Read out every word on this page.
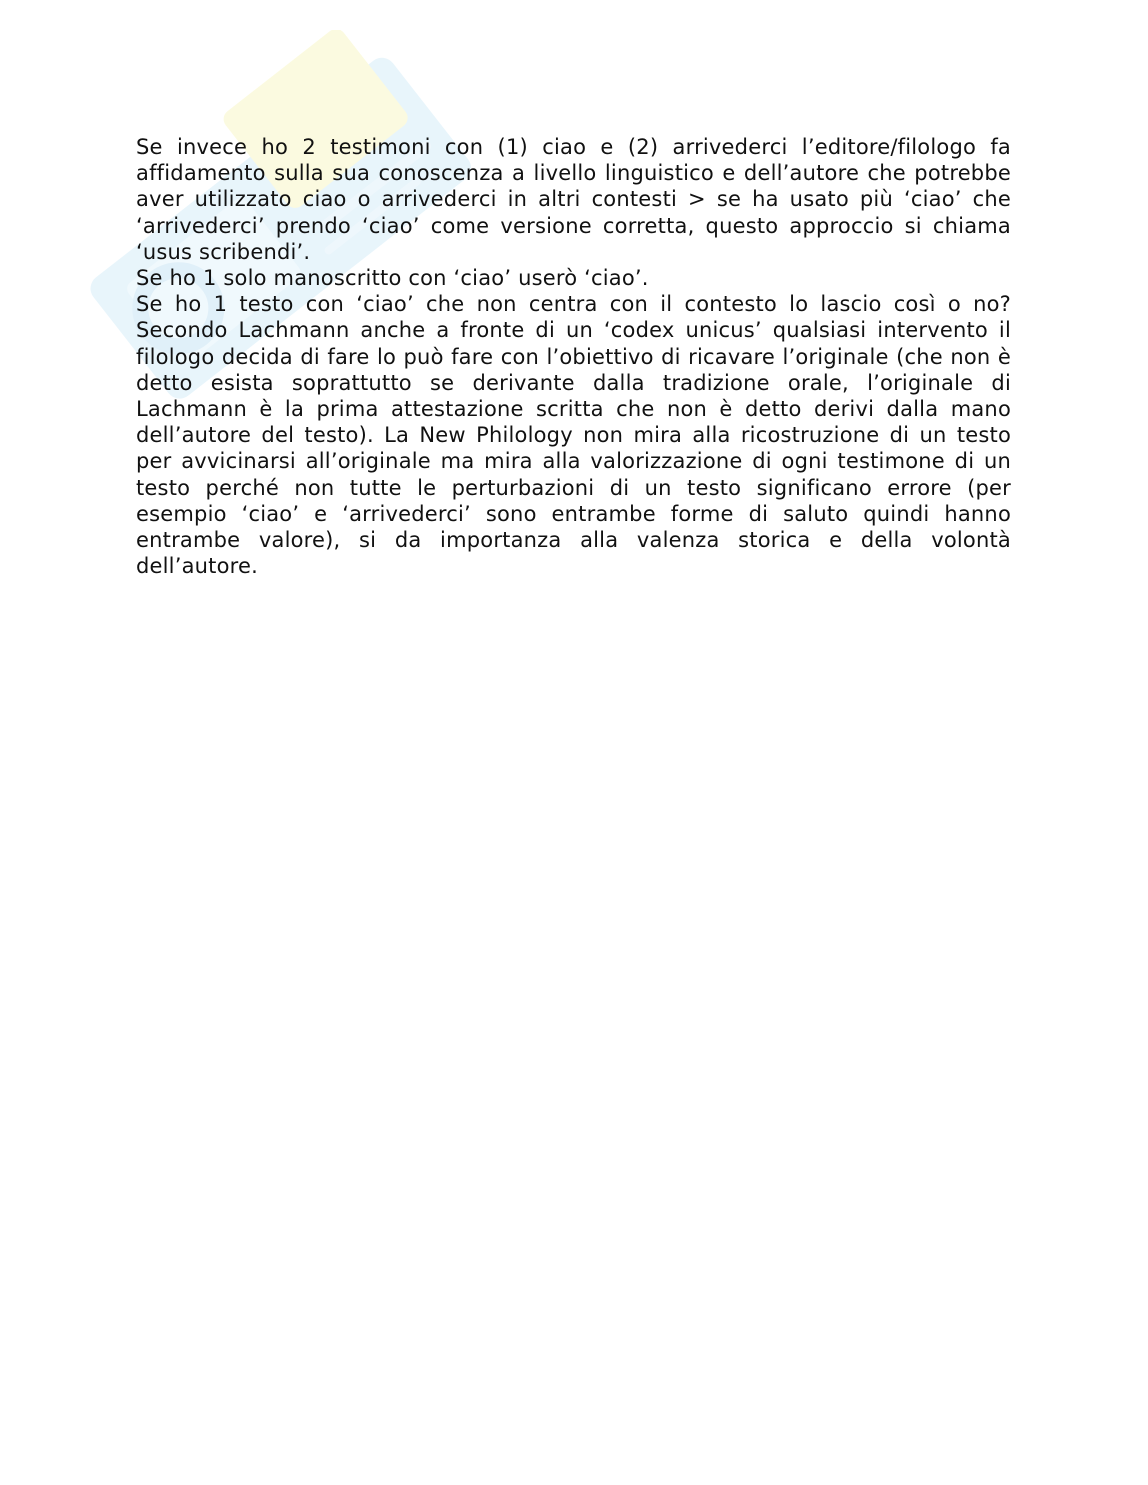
Se invece ho 2 testimoni con (1) ciao e (2) arrivederci l’editore/filologo fa affidamento sulla sua conoscenza a livello linguistico e dell’autore che potrebbe aver utilizzato ciao o arrivederci in altri contesti > se ha usato più ‘ciao’ che ‘arrivederci’ prendo ‘ciao’ come versione corretta, questo approccio si chiama ‘usus scribendi’.

Se ho 1 solo manoscritto con ‘ciao’ userò ‘ciao’.

Se ho 1 testo con ‘ciao’ che non centra con il contesto lo lascio così o no? Secondo Lachmann anche a fronte di un ‘codex unicus’ qualsiasi intervento il filologo decida di fare lo può fare con l’obiettivo di ricavare l’originale (che non è detto esista soprattutto se derivante dalla tradizione orale, l’originale di Lachmann è la prima attestazione scritta che non è detto derivi dalla mano dell’autore del testo). La New Philology non mira alla ricostruzione di un testo per avvicinarsi all’originale ma mira alla valorizzazione di ogni testimone di un testo perché non tutte le perturbazioni di un testo significano errore (per esempio ‘ciao’ e ‘arrivederci’ sono entrambe forme di saluto quindi hanno entrambe valore), si da importanza alla valenza storica e della volontà dell’autore.
